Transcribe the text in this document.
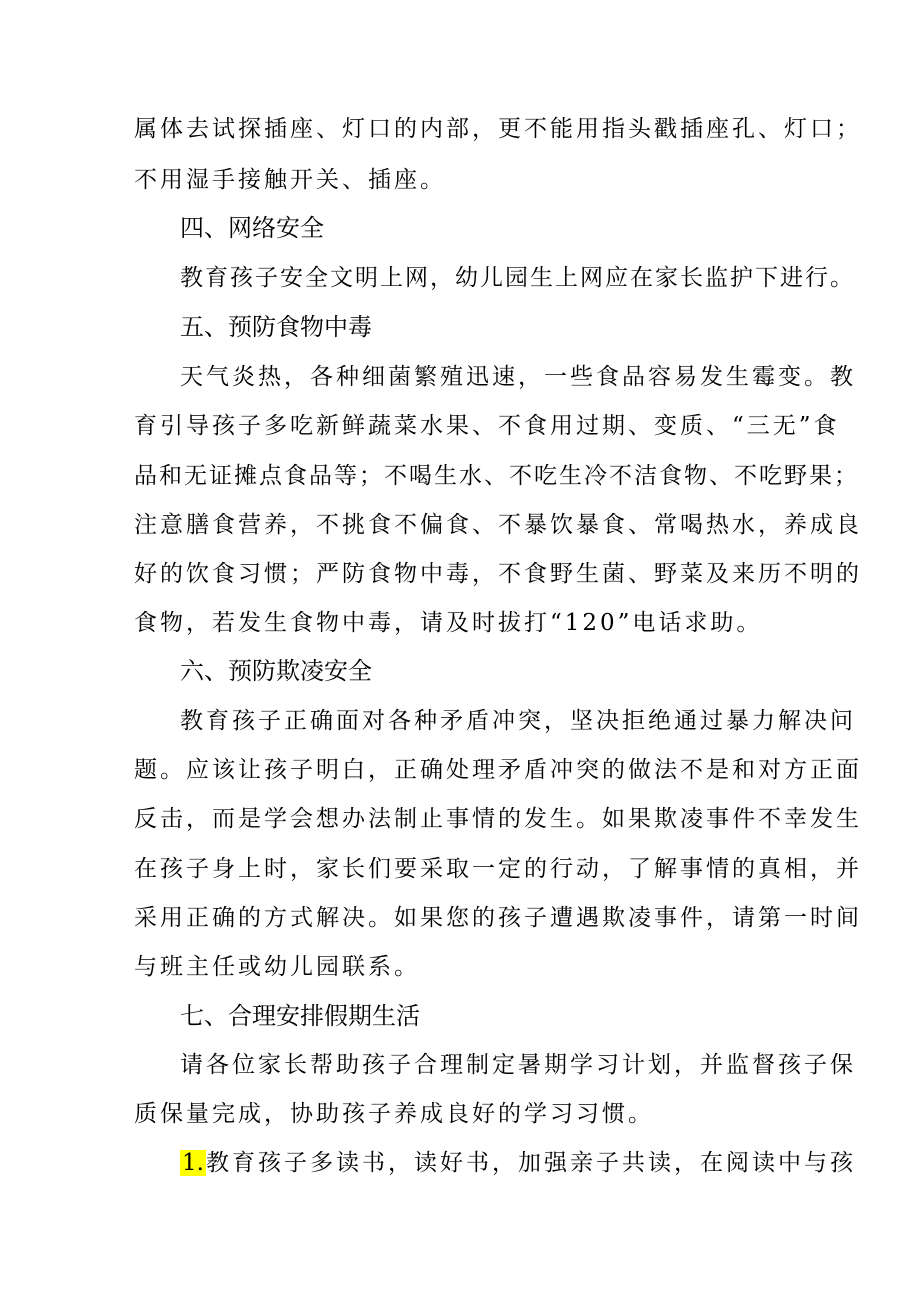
属体去试探插座、灯口的内部，更不能用指头戳插座孔、灯口；
不用湿手接触开关、插座。
四、网络安全
教育孩子安全文明上网，幼儿园生上网应在家长监护下进行。
五、预防食物中毒
天气炎热，各种细菌繁殖迅速，一些食品容易发生霉变。教
育引导孩子多吃新鲜蔬菜水果、不食用过期、变质、“三无”食
品和无证摊点食品等；不喝生水、不吃生冷不洁食物、不吃野果；
注意膳食营养，不挑食不偏食、不暴饮暴食、常喝热水，养成良
好的饮食习惯；严防食物中毒，不食野生菌、野菜及来历不明的
食物，若发生食物中毒，请及时拔打“120”电话求助。
六、预防欺凌安全
教育孩子正确面对各种矛盾冲突，坚决拒绝通过暴力解决问
题。应该让孩子明白，正确处理矛盾冲突的做法不是和对方正面
反击，而是学会想办法制止事情的发生。如果欺凌事件不幸发生
在孩子身上时，家长们要采取一定的行动，了解事情的真相，并
采用正确的方式解决。如果您的孩子遭遇欺凌事件，请第一时间
与班主任或幼儿园联系。
七、合理安排假期生活
请各位家长帮助孩子合理制定暑期学习计划，并监督孩子保
质保量完成，协助孩子养成良好的学习习惯。
1.教育孩子多读书，读好书，加强亲子共读，在阅读中与孩
